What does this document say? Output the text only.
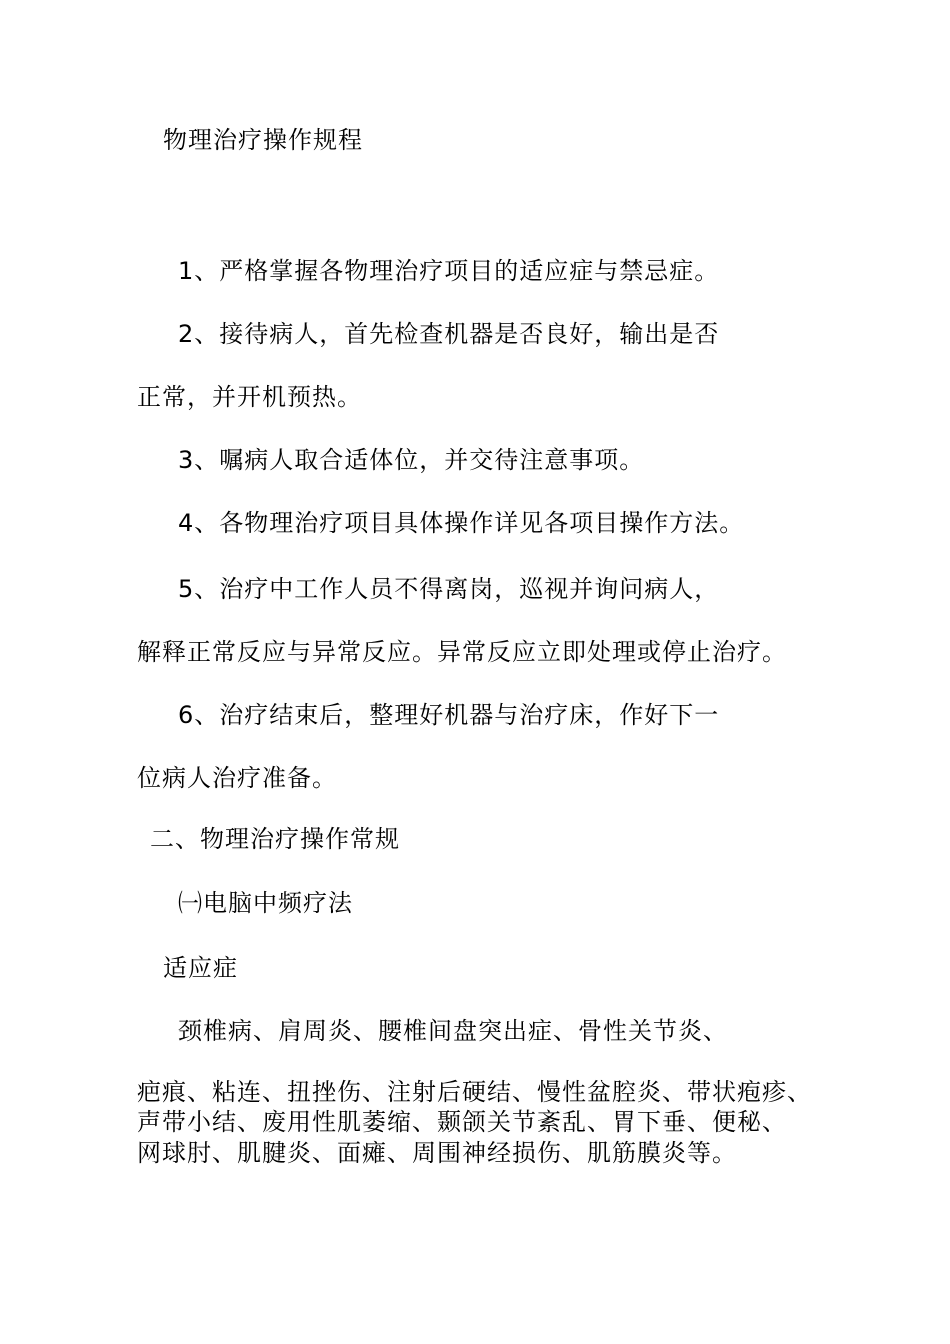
物理治疗操作规程
1、严格掌握各物理治疗项目的适应症与禁忌症。
2、接待病人，首先检查机器是否良好，输出是否
正常，并开机预热。
3、嘱病人取合适体位，并交待注意事项。
4、各物理治疗项目具体操作详见各项目操作方法。
5、治疗中工作人员不得离岗，巡视并询问病人，
解释正常反应与异常反应。异常反应立即处理或停止治疗。
6、治疗结束后，整理好机器与治疗床，作好下一
位病人治疗准备。
二、物理治疗操作常规
㈠电脑中频疗法
适应症
颈椎病、肩周炎、腰椎间盘突出症、骨性关节炎、
疤痕、粘连、扭挫伤、注射后硬结、慢性盆腔炎、带状疱疹、
声带小结、废用性肌萎缩、颞颌关节紊乱、胃下垂、便秘、
网球肘、肌腱炎、面瘫、周围神经损伤、肌筋膜炎等。
